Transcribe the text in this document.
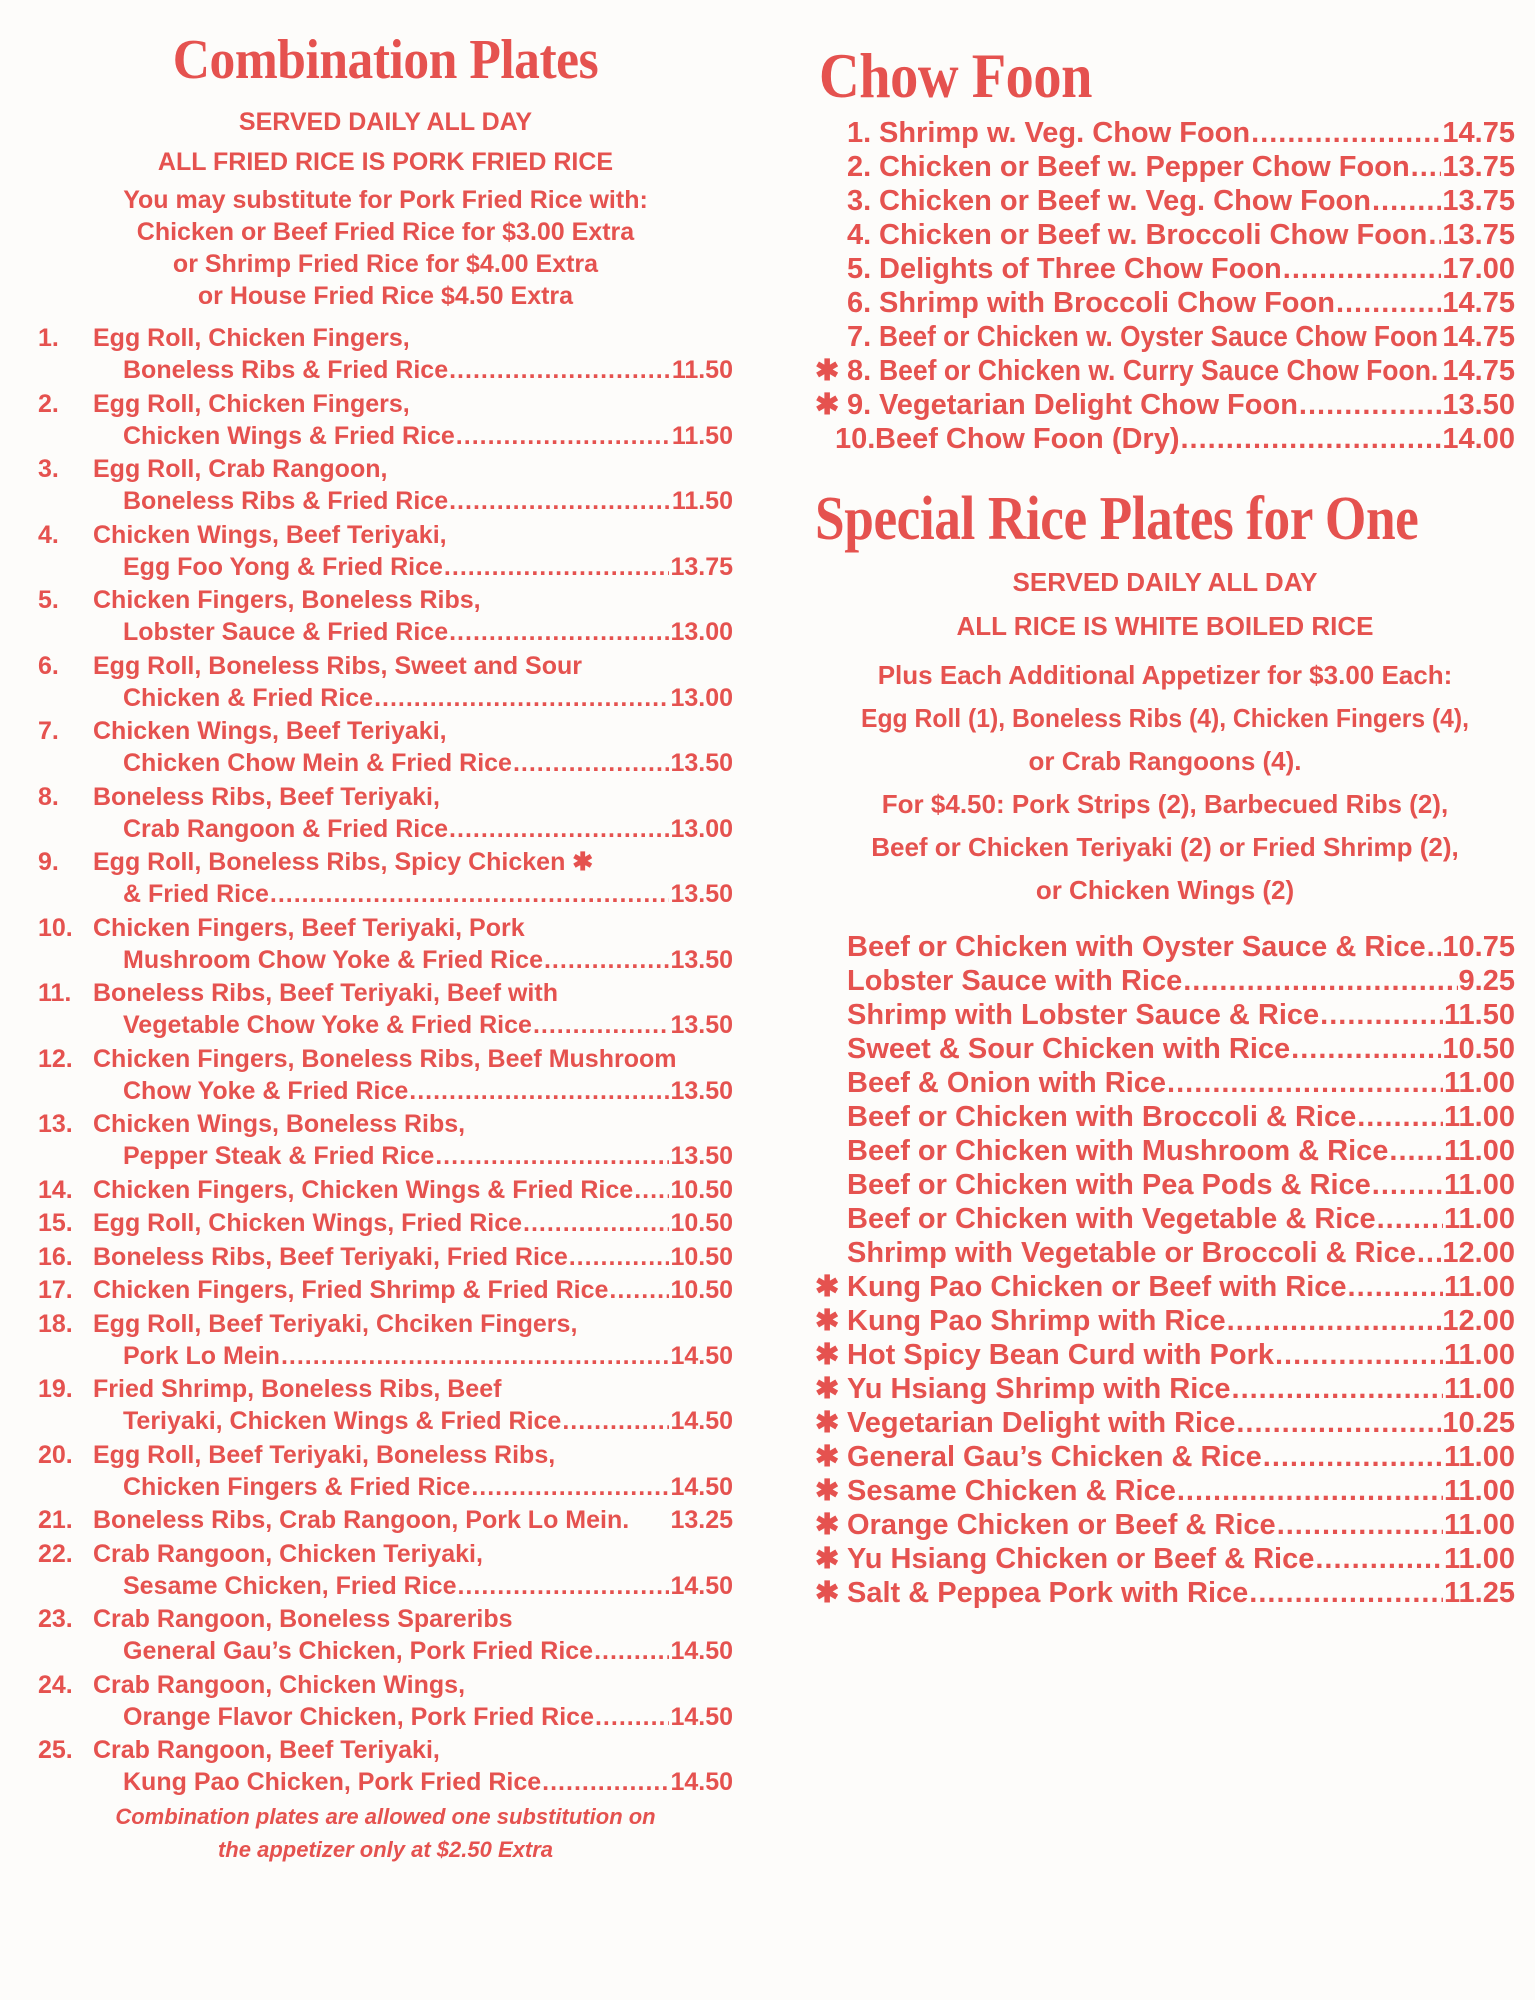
Combination Plates
SERVED DAILY ALL DAY
ALL FRIED RICE IS PORK FRIED RICE
You may substitute for Pork Fried Rice with:
Chicken or Beef Fried Rice for $3.00 Extra
or Shrimp Fried Rice for $4.00 Extra
or House Fried Rice $4.50 Extra
1.	Egg Roll, Chicken Fingers,
Boneless Ribs & Fried Rice .....	11.50
2.	Egg Roll, Chicken Fingers,
Chicken Wings & Fried Rice .....	11.50
3.	Egg Roll, Crab Rangoon,
Boneless Ribs & Fried Rice .....	11.50
4.	Chicken Wings, Beef Teriyaki,
Egg Foo Yong & Fried Rice .....	13.75
5.	Chicken Fingers, Boneless Ribs,
Lobster Sauce & Fried Rice .....	13.00
6.	Egg Roll, Boneless Ribs, Sweet and Sour
Chicken & Fried Rice .....	13.00
7.	Chicken Wings, Beef Teriyaki,
Chicken Chow Mein & Fried Rice .....	13.50
8.	Boneless Ribs, Beef Teriyaki,
Crab Rangoon & Fried Rice .....	13.00
9.	Egg Roll, Boneless Ribs, Spicy Chicken ✱
& Fried Rice .....	13.50
10. Chicken Fingers, Beef Teriyaki, Pork
Mushroom Chow Yoke & Fried Rice .....	13.50
11. Boneless Ribs, Beef Teriyaki, Beef with
Vegetable Chow Yoke & Fried Rice .....	13.50
12. Chicken Fingers, Boneless Ribs, Beef Mushroom
Chow Yoke & Fried Rice .....	13.50
13. Chicken Wings, Boneless Ribs,
Pepper Steak & Fried Rice .....	13.50
14. Chicken Fingers, Chicken Wings & Fried Rice ..... 10.50
15. Egg Roll, Chicken Wings, Fried Rice .....	10.50
16. Boneless Ribs, Beef Teriyaki, Fried Rice .....	10.50
17. Chicken Fingers, Fried Shrimp & Fried Rice ..... 10.50
18. Egg Roll, Beef Teriyaki, Chciken Fingers,
Pork Lo Mein .....	14.50
19. Fried Shrimp, Boneless Ribs, Beef
Teriyaki, Chicken Wings & Fried Rice .....	14.50
20. Egg Roll, Beef Teriyaki, Boneless Ribs,
Chicken Fingers & Fried Rice .....	14.50
21. Boneless Ribs, Crab Rangoon, Pork Lo Mein. 13.25
22. Crab Rangoon, Chicken Teriyaki,
Sesame Chicken, Fried Rice .....	14.50
23. Crab Rangoon, Boneless Spareribs
General Gau’s Chicken, Pork Fried Rice .....	14.50
24. Crab Rangoon, Chicken Wings,
Orange Flavor Chicken, Pork Fried Rice .....	14.50
25. Crab Rangoon, Beef Teriyaki,
Kung Pao Chicken, Pork Fried Rice .....	14.50
Combination plates are allowed one substitution on
the appetizer only at $2.50 Extra
Chow Foon
1. Shrimp w. Veg. Chow Foon .....	14.75
2. Chicken or Beef w. Pepper Chow Foon ..... 13.75
3. Chicken or Beef w. Veg. Chow Foon ..... 13.75
4. Chicken or Beef w. Broccoli Chow Foon ..... 13.75
5. Delights of Three Chow Foon .....	17.00
6. Shrimp with Broccoli Chow Foon .....	14.75
7. Beef or Chicken w. Oyster Sauce Chow Foon 14.75
✱ 8. Beef or Chicken w. Curry Sauce Chow Foon. 14.75
✱ 9. Vegetarian Delight Chow Foon .....	13.50
10. Beef Chow Foon (Dry) .....	14.00
Special Rice Plates for One
SERVED DAILY ALL DAY
ALL RICE IS WHITE BOILED RICE
Plus Each Additional Appetizer for $3.00 Each:
Egg Roll (1), Boneless Ribs (4), Chicken Fingers (4),
or Crab Rangoons (4).
For $4.50: Pork Strips (2), Barbecued Ribs (2),
Beef or Chicken Teriyaki (2) or Fried Shrimp (2),
or Chicken Wings (2)
Beef or Chicken with Oyster Sauce & Rice ..... 10.75
Lobster Sauce with Rice .....	9.25
Shrimp with Lobster Sauce & Rice .....	11.50
Sweet & Sour Chicken with Rice .....	10.50
Beef & Onion with Rice .....	11.00
Beef or Chicken with Broccoli & Rice .....	11.00
Beef or Chicken with Mushroom & Rice ..... 11.00
Beef or Chicken with Pea Pods & Rice .....	11.00
Beef or Chicken with Vegetable & Rice ..... 11.00
Shrimp with Vegetable or Broccoli & Rice ..... 12.00
✱ Kung Pao Chicken or Beef with Rice .....	11.00
✱ Kung Pao Shrimp with Rice .....	12.00
✱ Hot Spicy Bean Curd with Pork .....	11.00
✱ Yu Hsiang Shrimp with Rice .....	11.00
✱ Vegetarian Delight with Rice .....	10.25
✱ General Gau’s Chicken & Rice .....	11.00
✱ Sesame Chicken & Rice .....	11.00
✱ Orange Chicken or Beef & Rice .....	11.00
✱ Yu Hsiang Chicken or Beef & Rice .....	11.00
✱ Salt & Peppea Pork with Rice .....	11.25
